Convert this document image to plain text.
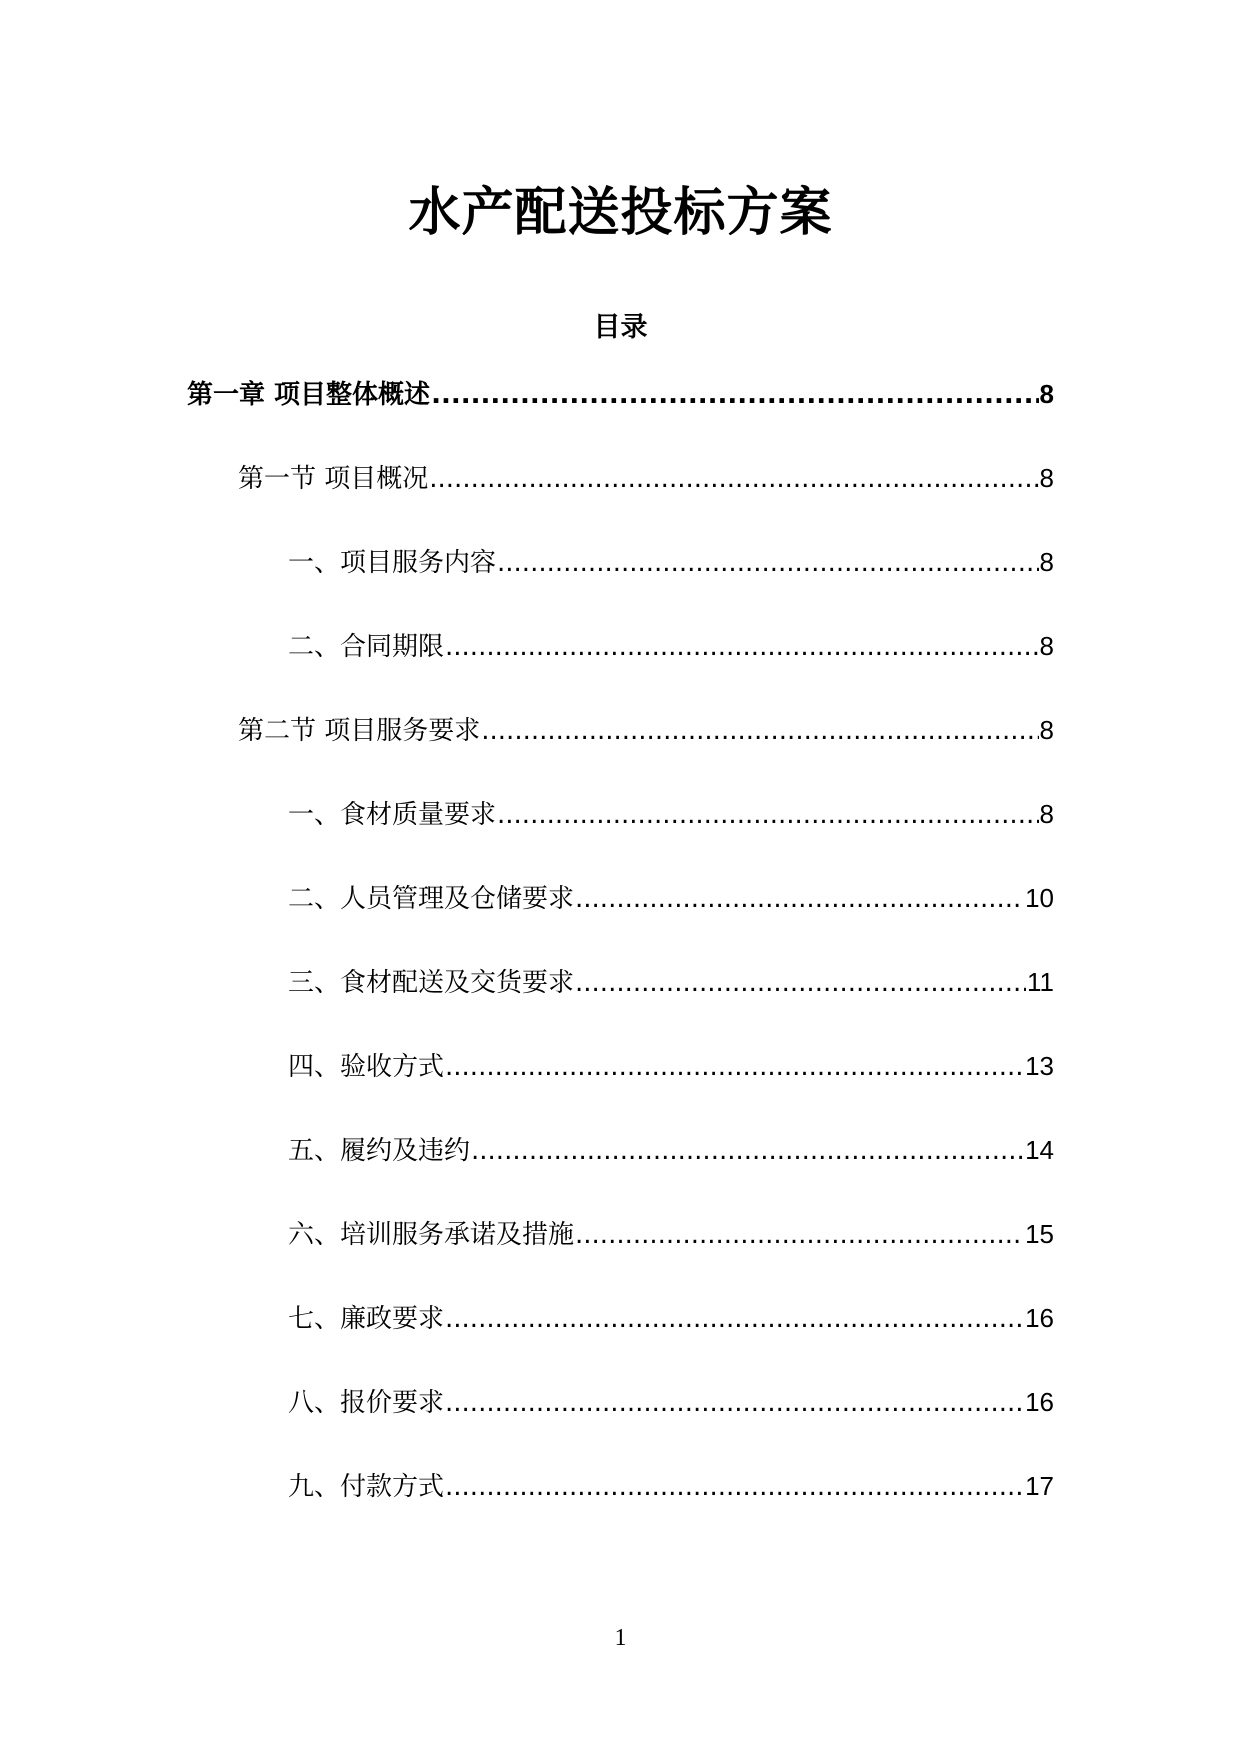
水产配送投标方案
目录
第一章 项目整体概述 .....	8
第一节 项目概况 .....	8
一、项目服务内容 .....	8
二、合同期限 .....	8
第二节 项目服务要求 .....	8
一、食材质量要求 .....	8
二、人员管理及仓储要求 .....	10
三、食材配送及交货要求 .....	11
四、验收方式 .....	13
五、履约及违约 .....	14
六、培训服务承诺及措施 .....	15
七、廉政要求 .....	16
八、报价要求 .....	16
九、付款方式 .....	17
1
